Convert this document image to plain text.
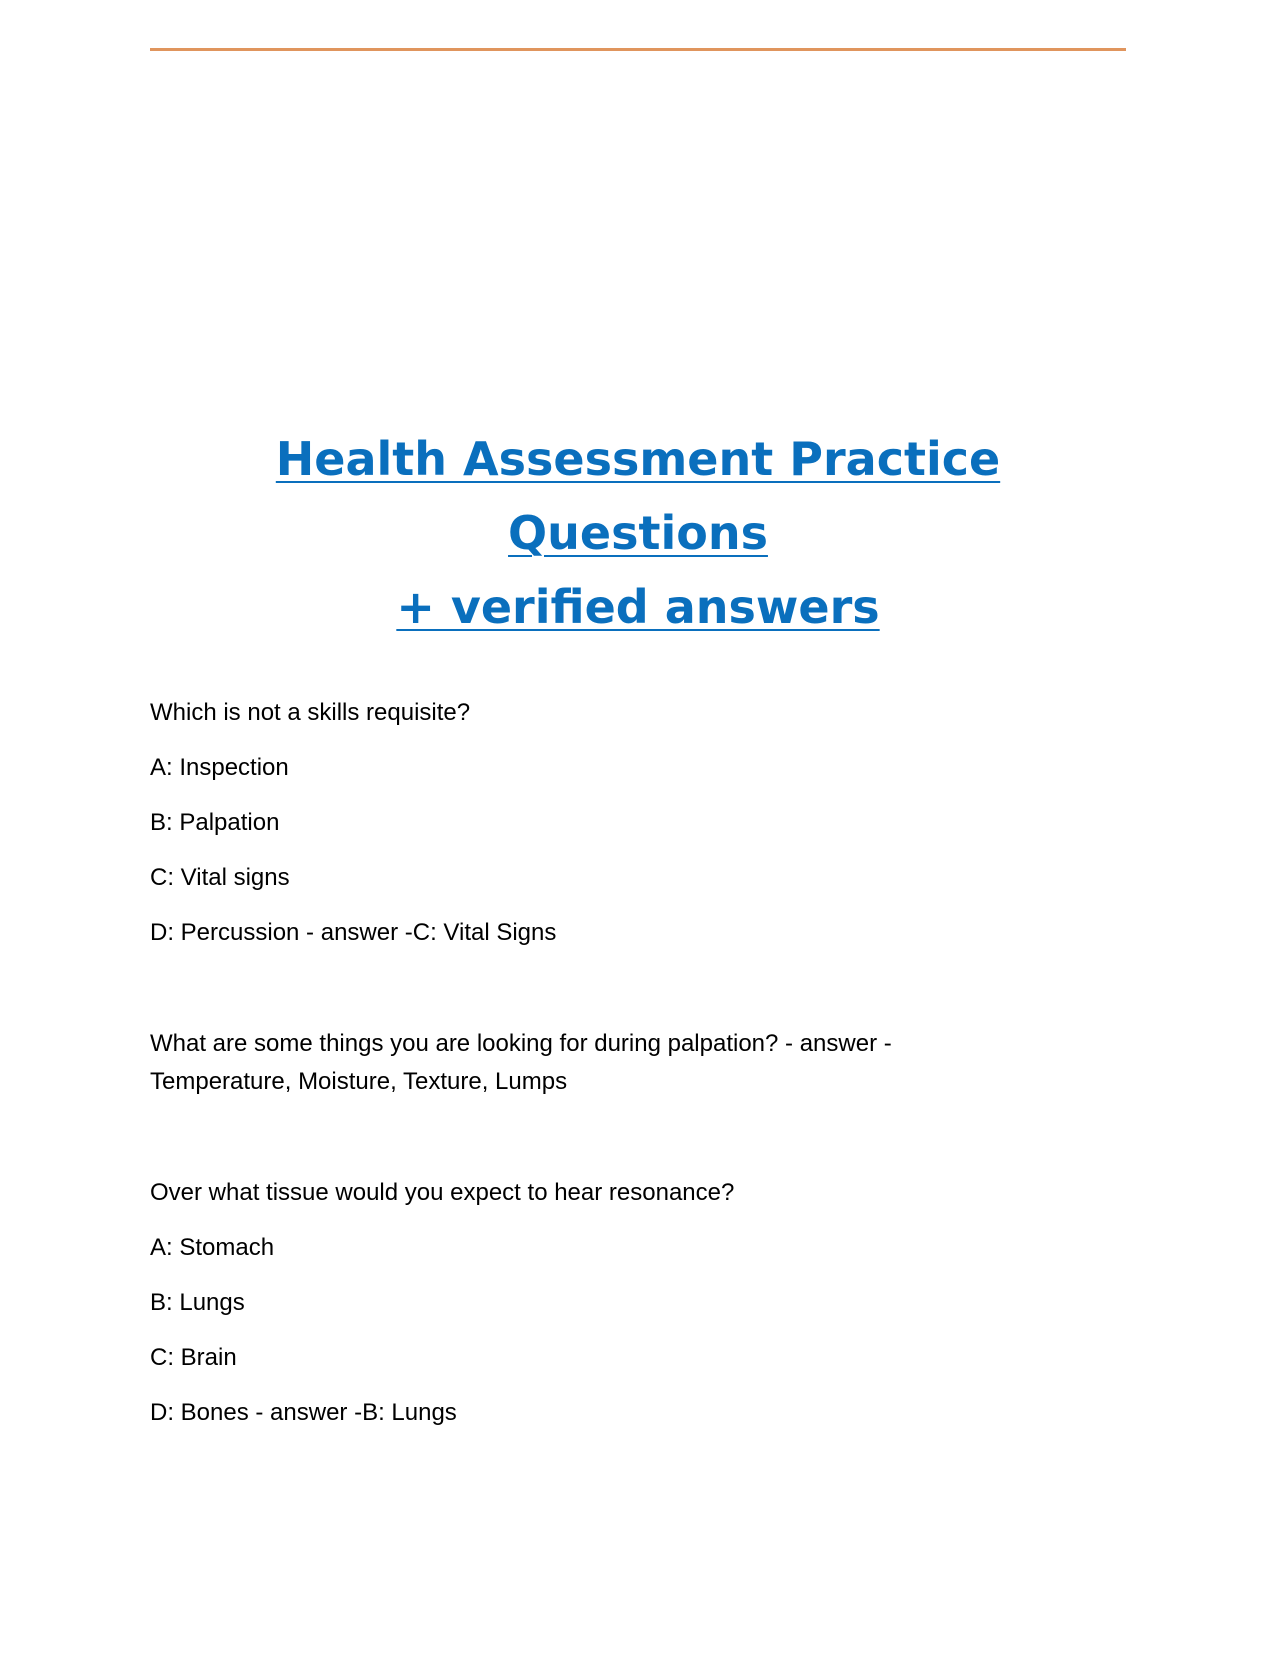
Health Assessment Practice Questions
+ verified answers
Which is not a skills requisite?
A: Inspection
B: Palpation
C: Vital signs
D: Percussion - answer -C: Vital Signs
What are some things you are looking for during palpation? - answer -
Temperature, Moisture, Texture, Lumps
Over what tissue would you expect to hear resonance?
A: Stomach
B: Lungs
C: Brain
D: Bones - answer -B: Lungs
